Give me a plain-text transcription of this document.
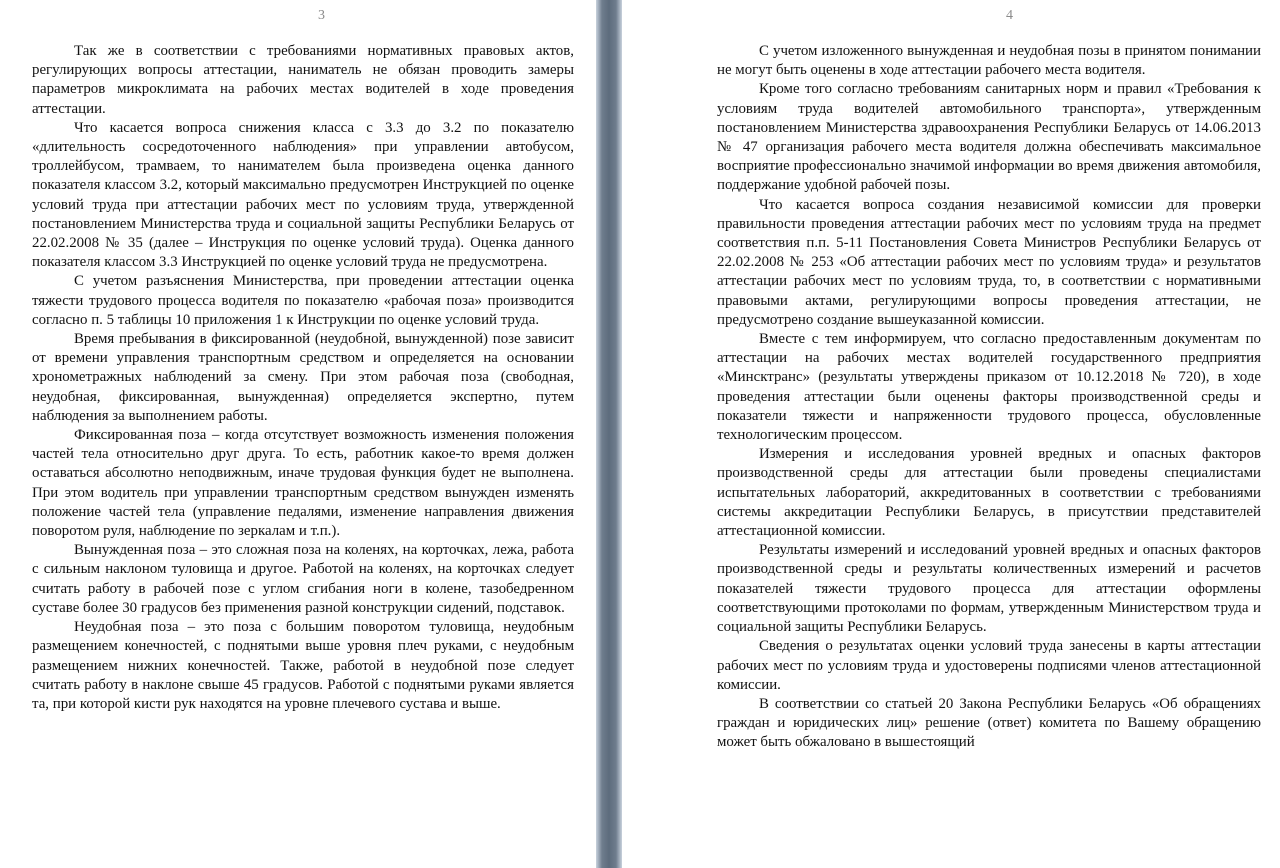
3

Так же в соответствии с требованиями нормативных правовых актов, регулирующих вопросы аттестации, наниматель не обязан проводить замеры параметров микроклимата на рабочих местах водителей в ходе проведения аттестации.

Что касается вопроса снижения класса с 3.3 до 3.2 по показателю «длительность сосредоточенного наблюдения» при управлении автобусом, троллейбусом, трамваем, то нанимателем была произведена оценка данного показателя классом 3.2, который максимально предусмотрен Инструкцией по оценке условий труда при аттестации рабочих мест по условиям труда, утвержденной постановлением Министерства труда и социальной защиты Республики Беларусь от 22.02.2008 № 35 (далее – Инструкция по оценке условий труда). Оценка данного показателя классом 3.3 Инструкцией по оценке условий труда не предусмотрена.

С учетом разъяснения Министерства, при проведении аттестации оценка тяжести трудового процесса водителя по показателю «рабочая поза» производится согласно п. 5 таблицы 10 приложения 1 к Инструкции по оценке условий труда.

Время пребывания в фиксированной (неудобной, вынужденной) позе зависит от времени управления транспортным средством и определяется на основании хронометражных наблюдений за смену. При этом рабочая поза (свободная, неудобная, фиксированная, вынужденная) определяется экспертно, путем наблюдения за выполнением работы.

Фиксированная поза – когда отсутствует возможность изменения положения частей тела относительно друг друга. То есть, работник какое-то время должен оставаться абсолютно неподвижным, иначе трудовая функция будет не выполнена. При этом водитель при управлении транспортным средством вынужден изменять положение частей тела (управление педалями, изменение направления движения поворотом руля, наблюдение по зеркалам и т.п.).

Вынужденная поза – это сложная поза на коленях, на корточках, лежа, работа с сильным наклоном туловища и другое. Работой на коленях, на корточках следует считать работу в рабочей позе с углом сгибания ноги в колене, тазобедренном суставе более 30 градусов без применения разной конструкции сидений, подставок.

Неудобная поза – это поза с большим поворотом туловища, неудобным размещением конечностей, с поднятыми выше уровня плеч руками, с неудобным размещением нижних конечностей. Также, работой в неудобной позе следует считать работу в наклоне свыше 45 градусов. Работой с поднятыми руками является та, при которой кисти рук находятся на уровне плечевого сустава и выше.

4

С учетом изложенного вынужденная и неудобная позы в принятом понимании не могут быть оценены в ходе аттестации рабочего места водителя.

Кроме того согласно требованиям санитарных норм и правил «Требования к условиям труда водителей автомобильного транспорта», утвержденным постановлением Министерства здравоохранения Республики Беларусь от 14.06.2013 № 47 организация рабочего места водителя должна обеспечивать максимальное восприятие профессионально значимой информации во время движения автомобиля, поддержание удобной рабочей позы.

Что касается вопроса создания независимой комиссии для проверки правильности проведения аттестации рабочих мест по условиям труда на предмет соответствия п.п. 5-11 Постановления Совета Министров Республики Беларусь от 22.02.2008 № 253 «Об аттестации рабочих мест по условиям труда» и результатов аттестации рабочих мест по условиям труда, то, в соответствии с нормативными правовыми актами, регулирующими вопросы проведения аттестации, не предусмотрено создание вышеуказанной комиссии.

Вместе с тем информируем, что согласно предоставленным документам по аттестации на рабочих местах водителей государственного предприятия «Минсктранс» (результаты утверждены приказом от 10.12.2018 № 720), в ходе проведения аттестации были оценены факторы производственной среды и показатели тяжести и напряженности трудового процесса, обусловленные технологическим процессом.

Измерения и исследования уровней вредных и опасных факторов производственной среды для аттестации были проведены специалистами испытательных лабораторий, аккредитованных в соответствии с требованиями системы аккредитации Республики Беларусь, в присутствии представителей аттестационной комиссии.

Результаты измерений и исследований уровней вредных и опасных факторов производственной среды и результаты количественных измерений и расчетов показателей тяжести трудового процесса для аттестации оформлены соответствующими протоколами по формам, утвержденным Министерством труда и социальной защиты Республики Беларусь.

Сведения о результатах оценки условий труда занесены в карты аттестации рабочих мест по условиям труда и удостоверены подписями членов аттестационной комиссии.

В соответствии со статьей 20 Закона Республики Беларусь «Об обращениях граждан и юридических лиц» решение (ответ) комитета по Вашему обращению может быть обжаловано в вышестоящий
